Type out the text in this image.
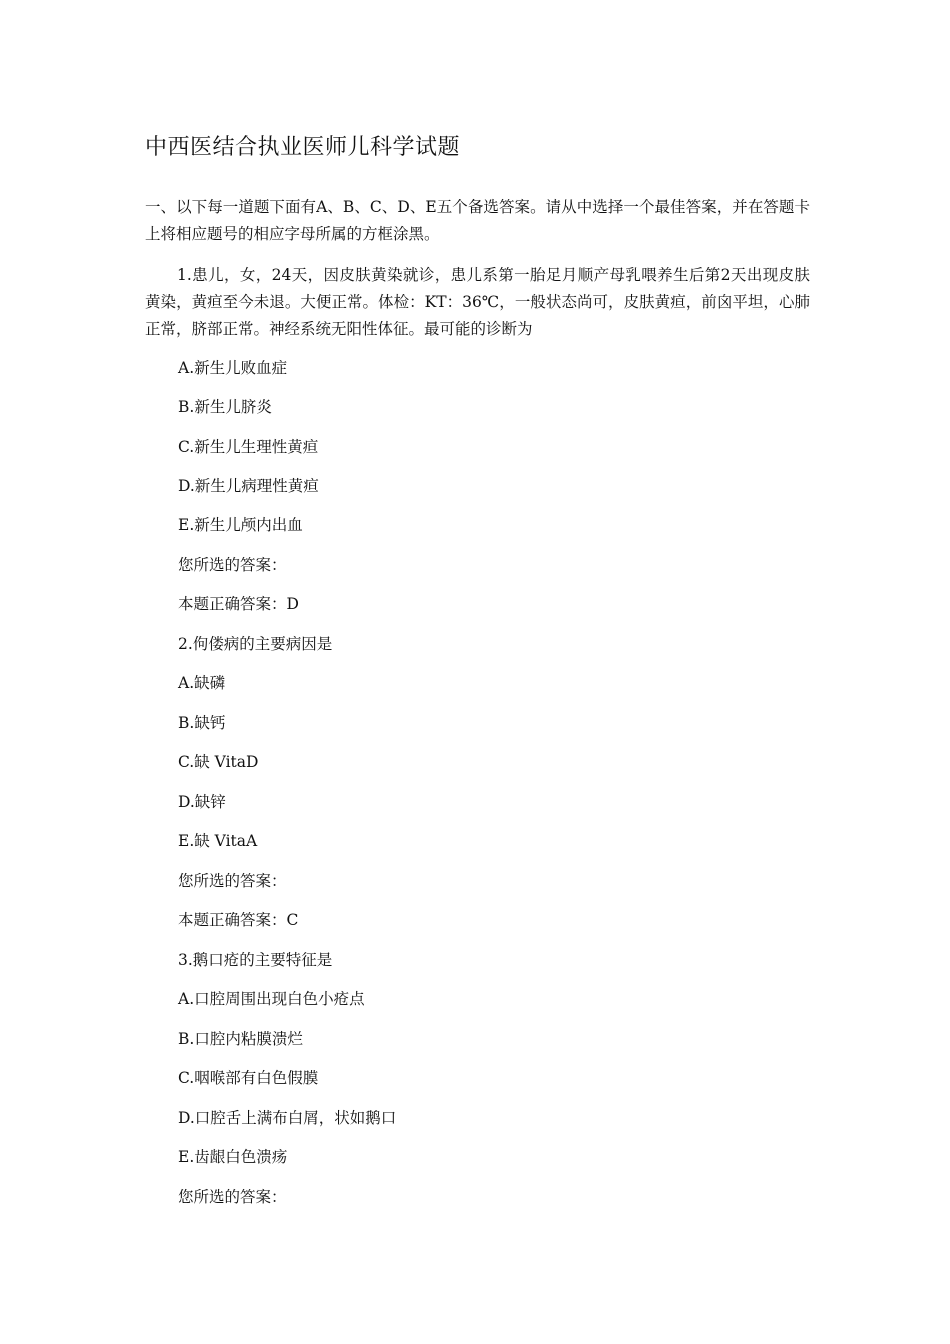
中西医结合执业医师儿科学试题
一、以下每一道题下面有A、B、C、D、E五个备选答案。请从中选择一个最佳答案，并在答题卡上将相应题号的相应字母所属的方框涂黑。
1.患儿，女，24天，因皮肤黄染就诊，患儿系第一胎足月顺产母乳喂养生后第2天出现皮肤黄染，黄疸至今未退。大便正常。体检：KT：36℃，一般状态尚可，皮肤黄疸，前囟平坦，心肺正常，脐部正常。神经系统无阳性体征。最可能的诊断为
A.新生儿败血症
B.新生儿脐炎
C.新生儿生理性黄疸
D.新生儿病理性黄疸
E.新生儿颅内出血
您所选的答案：
本题正确答案：D
2.佝偻病的主要病因是
A.缺磷
B.缺钙
C.缺 VitaD
D.缺锌
E.缺 VitaA
您所选的答案：
本题正确答案：C
3.鹅口疮的主要特征是
A.口腔周围出现白色小疮点
B.口腔内粘膜溃烂
C.咽喉部有白色假膜
D.口腔舌上满布白屑，状如鹅口
E.齿龈白色溃疡
您所选的答案：
